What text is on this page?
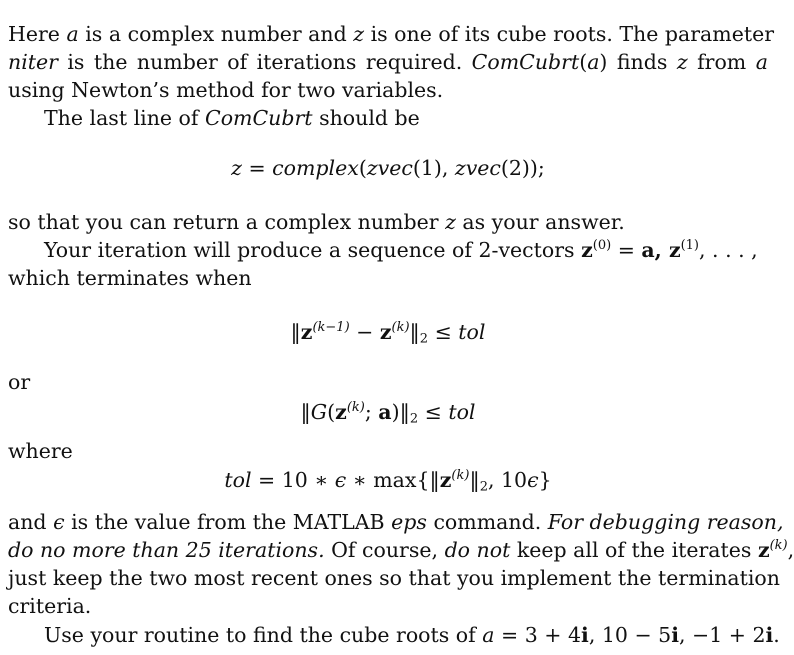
Here a is a complex number and z is one of its cube roots. The parameter
niter is the number of iterations required. ComCubrt(a) finds z from a
using Newton’s method for two variables.
The last line of ComCubrt should be
z = complex(zvec(1), zvec(2));
so that you can return a complex number z as your answer.
Your iteration will produce a sequence of 2-vectors $z^{(0)} = a$, $z^{(1)}$, . . . ,
which terminates when
$‖z^{(k-1)}$ − $z^{(k)}‖_2$ ≤ tol
or
$‖G(z^{(k)}$; $a)‖_2$ ≤ tol
where
tol = 10 ∗ ϵ ∗ $\max\{‖z^{(k)}‖_2$, 10ϵ}
and ϵ is the value from the MATLAB eps command. For debugging reason,
do no more than 25 iterations. Of course, do not keep all of the iterates $z^{(k)}$,
just keep the two most recent ones so that you implement the termination
criteria.
Use your routine to find the cube roots of a = 3 + 4i, 10 − 5i, −1 + 2i.
